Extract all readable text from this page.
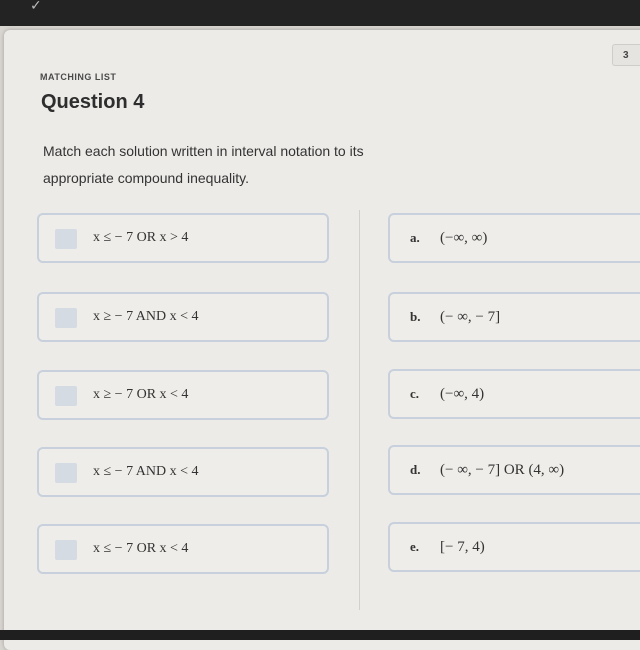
✓
3
MATCHING LIST
Question 4
Match each solution written in interval notation to its appropriate compound inequality.
x ≤ − 7 OR x > 4
x ≥ − 7 AND x < 4
x ≥ − 7 OR x < 4
x ≤ − 7 AND x < 4
x ≤ − 7 OR x < 4
a. (−∞, ∞)
b. (− ∞, − 7]
c. (−∞, 4)
d. (− ∞, − 7] OR (4, ∞)
e. [− 7, 4)
